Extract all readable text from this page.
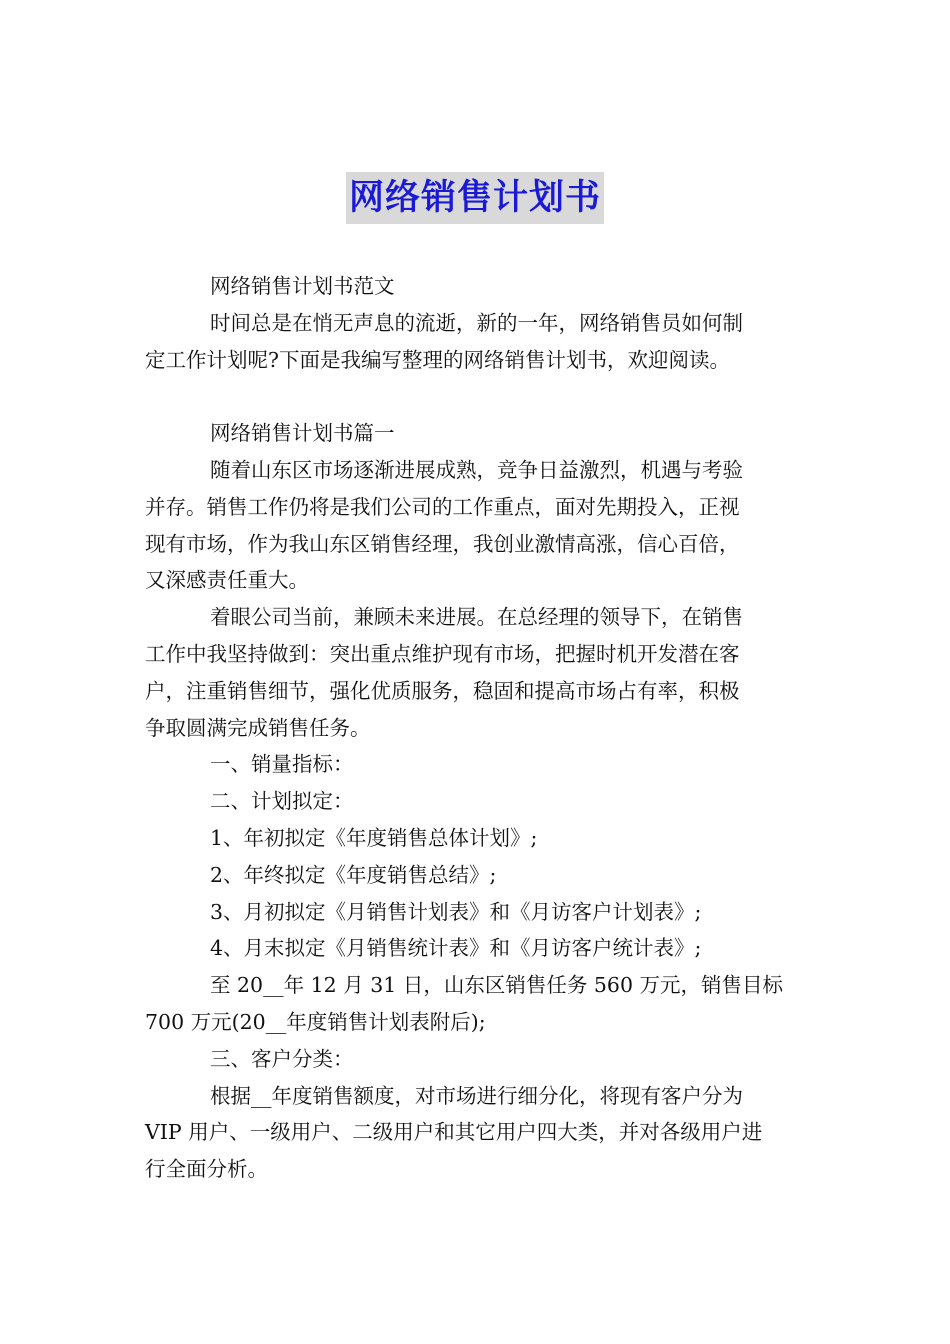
网络销售计划书
网络销售计划书范文
时间总是在悄无声息的流逝，新的一年，网络销售员如何制
定工作计划呢?下面是我编写整理的网络销售计划书，欢迎阅读。
网络销售计划书篇一
随着山东区市场逐渐进展成熟，竞争日益激烈，机遇与考验
并存。销售工作仍将是我们公司的工作重点，面对先期投入，正视
现有市场，作为我山东区销售经理，我创业激情高涨，信心百倍，
又深感责任重大。
着眼公司当前，兼顾未来进展。在总经理的领导下，在销售
工作中我坚持做到：突出重点维护现有市场，把握时机开发潜在客
户，注重销售细节，强化优质服务，稳固和提高市场占有率，积极
争取圆满完成销售任务。
一、销量指标：
二、计划拟定：
1、年初拟定《年度销售总体计划》;
2、年终拟定《年度销售总结》;
3、月初拟定《月销售计划表》和《月访客户计划表》;
4、月末拟定《月销售统计表》和《月访客户统计表》;
至 20__年 12 月 31 日，山东区销售任务 560 万元，销售目标
700 万元(20__年度销售计划表附后);
三、客户分类：
根据__年度销售额度，对市场进行细分化，将现有客户分为
VIP 用户、一级用户、二级用户和其它用户四大类，并对各级用户进
行全面分析。
